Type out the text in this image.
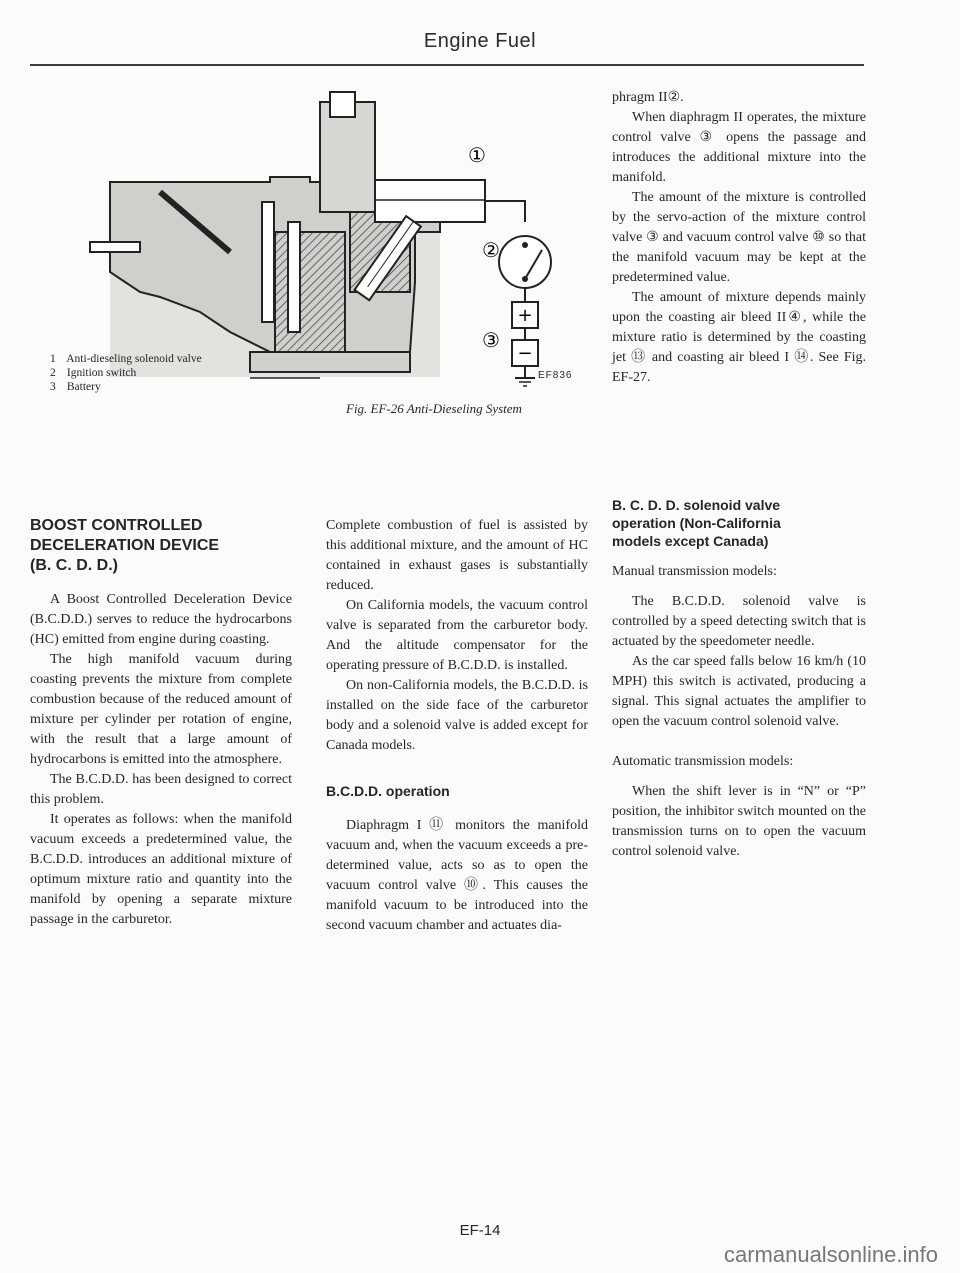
Engine Fuel
+
−
①
②
③
1 Anti-dieseling solenoid valve
2 Ignition switch
3 Battery
EF836
Fig. EF-26 Anti-Dieseling System
BOOST CONTROLLED
DECELERATION DEVICE
(B. C. D. D.)

A Boost Controlled Deceleration Device (B.C.D.D.) serves to reduce the hydrocarbons (HC) emitted from engine during coasting.

The high manifold vacuum during coasting prevents the mixture from complete combustion because of the reduced amount of mixture per cylinder per rotation of engine, with the result that a large amount of hydrocarbons is emitted into the atmosphere.

The B.C.D.D. has been designed to correct this problem.

It operates as follows: when the manifold vacuum exceeds a predetermined value, the B.C.D.D. introduces an additional mixture of optimum mixture ratio and quantity into the manifold by opening a separate mixture passage in the carburetor.

Complete combustion of fuel is assisted by this additional mixture, and the amount of HC contained in exhaust gases is substantially reduced.

On California models, the vacuum control valve is separated from the carburetor body. And the altitude compensator for the operating pressure of B.C.D.D. is installed.

On non-California models, the B.C.D.D. is installed on the side face of the carburetor body and a solenoid valve is added except for Canada models.

B.C.D.D. operation

Diaphragm I ⑪ monitors the manifold vacuum and, when the vacuum exceeds a pre-determined value, acts so as to open the vacuum control valve ⑩. This causes the manifold vacuum to be introduced into the second vacuum chamber and actuates dia-

phragm II②.

When diaphragm II operates, the mixture control valve ③ opens the passage and introduces the additional mixture into the manifold.

The amount of the mixture is controlled by the servo-action of the mixture control valve ③ and vacuum control valve ⑩ so that the manifold vacuum may be kept at the predetermined value.

The amount of mixture depends mainly upon the coasting air bleed II④, while the mixture ratio is determined by the coasting jet ⑬ and coasting air bleed I ⑭. See Fig. EF-27.

B. C. D. D. solenoid valve
operation (Non-California
models except Canada)

Manual transmission models:

The B.C.D.D. solenoid valve is controlled by a speed detecting switch that is actuated by the speedometer needle.

As the car speed falls below 16 km/h (10 MPH) this switch is activated, producing a signal. This signal actuates the amplifier to open the vacuum control solenoid valve.

Automatic transmission models:

When the shift lever is in “N” or “P” position, the inhibitor switch mounted on the transmission turns on to open the vacuum control solenoid valve.

EF-14
carmanualsonline.info
